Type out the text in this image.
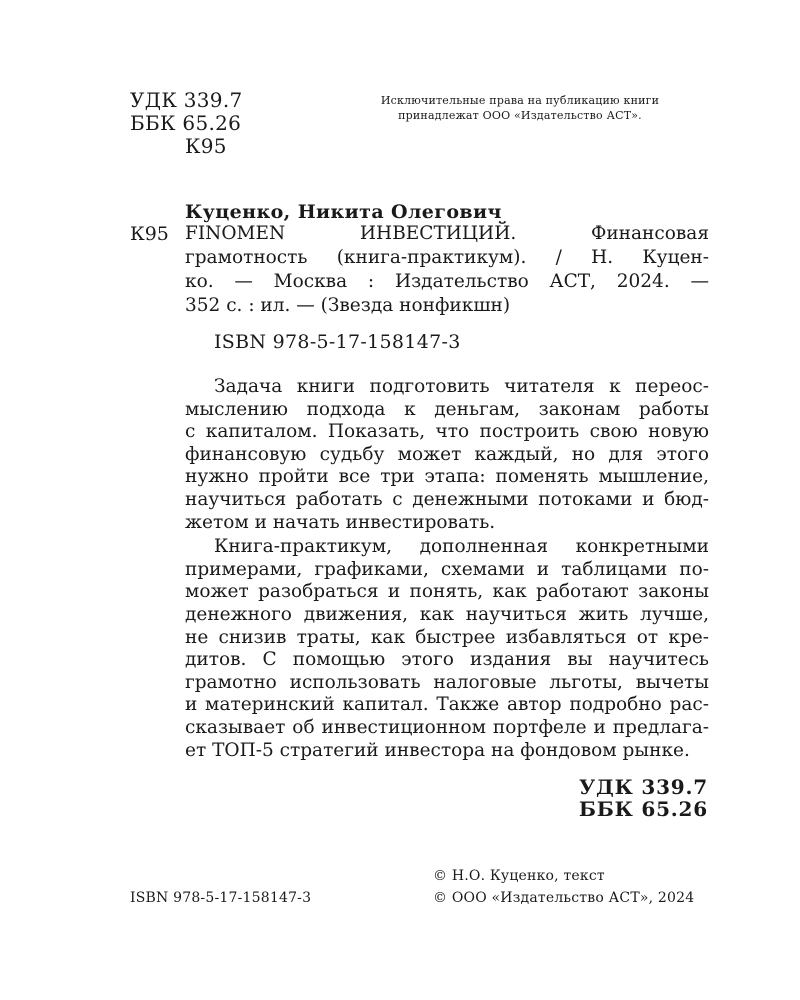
УДК 339.7
ББК 65.26
К95
Исключительные права на публикацию книги
принадлежат ООО «Издательство АСТ».
Куценко, Никита Олегович
К95 FINOMEN ИНВЕСТИЦИЙ. Финансовая
грамотность (книга-практикум). / Н. Куцен-
ко. — Москва : Издательство АСТ, 2024. —
352 с. : ил. — (Звезда нонфикшн)
ISBN 978-5-17-158147-3
Задача книги подготовить читателя к переос-
мыслению подхода к деньгам, законам работы
с капиталом. Показать, что построить свою новую
финансовую судьбу может каждый, но для этого
нужно пройти все три этапа: поменять мышление,
научиться работать с денежными потоками и бюд-
жетом и начать инвестировать.
Книга-практикум, дополненная конкретными
примерами, графиками, схемами и таблицами по-
может разобраться и понять, как работают законы
денежного движения, как научиться жить лучше,
не снизив траты, как быстрее избавляться от кре-
дитов. С помощью этого издания вы научитесь
грамотно использовать налоговые льготы, вычеты
и материнский капитал. Также автор подробно рас-
сказывает об инвестиционном портфеле и предлага-
ет ТОП-5 стратегий инвестора на фондовом рынке.
УДК 339.7
ББК 65.26
© Н.О. Куценко, текст
ISBN 978-5-17-158147-3	© ООО «Издательство АСТ», 2024
